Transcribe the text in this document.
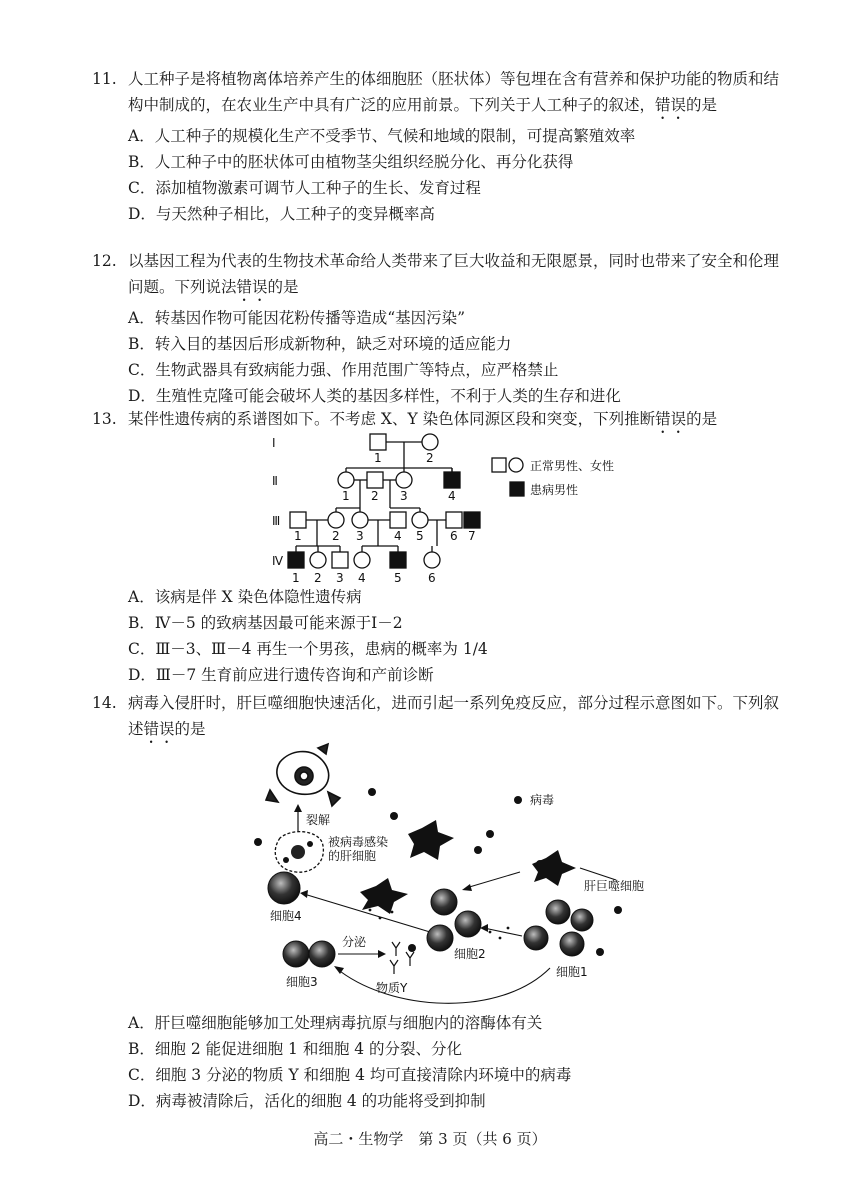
11. 人工种子是将植物离体培养产生的体细胞胚（胚状体）等包埋在含有营养和保护功能的物质和结构中制成的，在农业生产中具有广泛的应用前景。下列关于人工种子的叙述，错误的是
A．人工种子的规模化生产不受季节、气候和地域的限制，可提高繁殖效率
B．人工种子中的胚状体可由植物茎尖组织经脱分化、再分化获得
C．添加植物激素可调节人工种子的生长、发育过程
D．与天然种子相比，人工种子的变异概率高
12. 以基因工程为代表的生物技术革命给人类带来了巨大收益和无限愿景，同时也带来了安全和伦理问题。下列说法错误的是
A．转基因作物可能因花粉传播等造成“基因污染”
B．转入目的基因后形成新物种，缺乏对环境的适应能力
C．生物武器具有致病能力强、作用范围广等特点，应严格禁止
D．生殖性克隆可能会破坏人类的基因多样性，不利于人类的生存和进化
13. 某伴性遗传病的系谱图如下。不考虑 X、Y 染色体同源区段和突变，下列推断错误的是
Ⅰ
Ⅱ
Ⅲ
Ⅳ
1	2
1 2 3	4
1	2 3	4 5 6 7
1 2 3 4 5 6
正常男性、女性
患病男性
A．该病是伴 X 染色体隐性遗传病
B．Ⅳ－5 的致病基因最可能来源于Ⅰ－2
C．Ⅲ－3、Ⅲ－4 再生一个男孩，患病的概率为 1/4
D．Ⅲ－7 生育前应进行遗传咨询和产前诊断
14. 病毒入侵肝时，肝巨噬细胞快速活化，进而引起一系列免疫反应，部分过程示意图如下。下列叙述错误的是
裂解
被病毒感染
的肝细胞
病毒
肝巨噬细胞
细胞4
细胞2
细胞1
细胞3
分泌
物质Y
A．肝巨噬细胞能够加工处理病毒抗原与细胞内的溶酶体有关
B．细胞 2 能促进细胞 1 和细胞 4 的分裂、分化
C．细胞 3 分泌的物质 Y 和细胞 4 均可直接清除内环境中的病毒
D．病毒被清除后，活化的细胞 4 的功能将受到抑制
高二・生物学　第 3 页（共 6 页）
